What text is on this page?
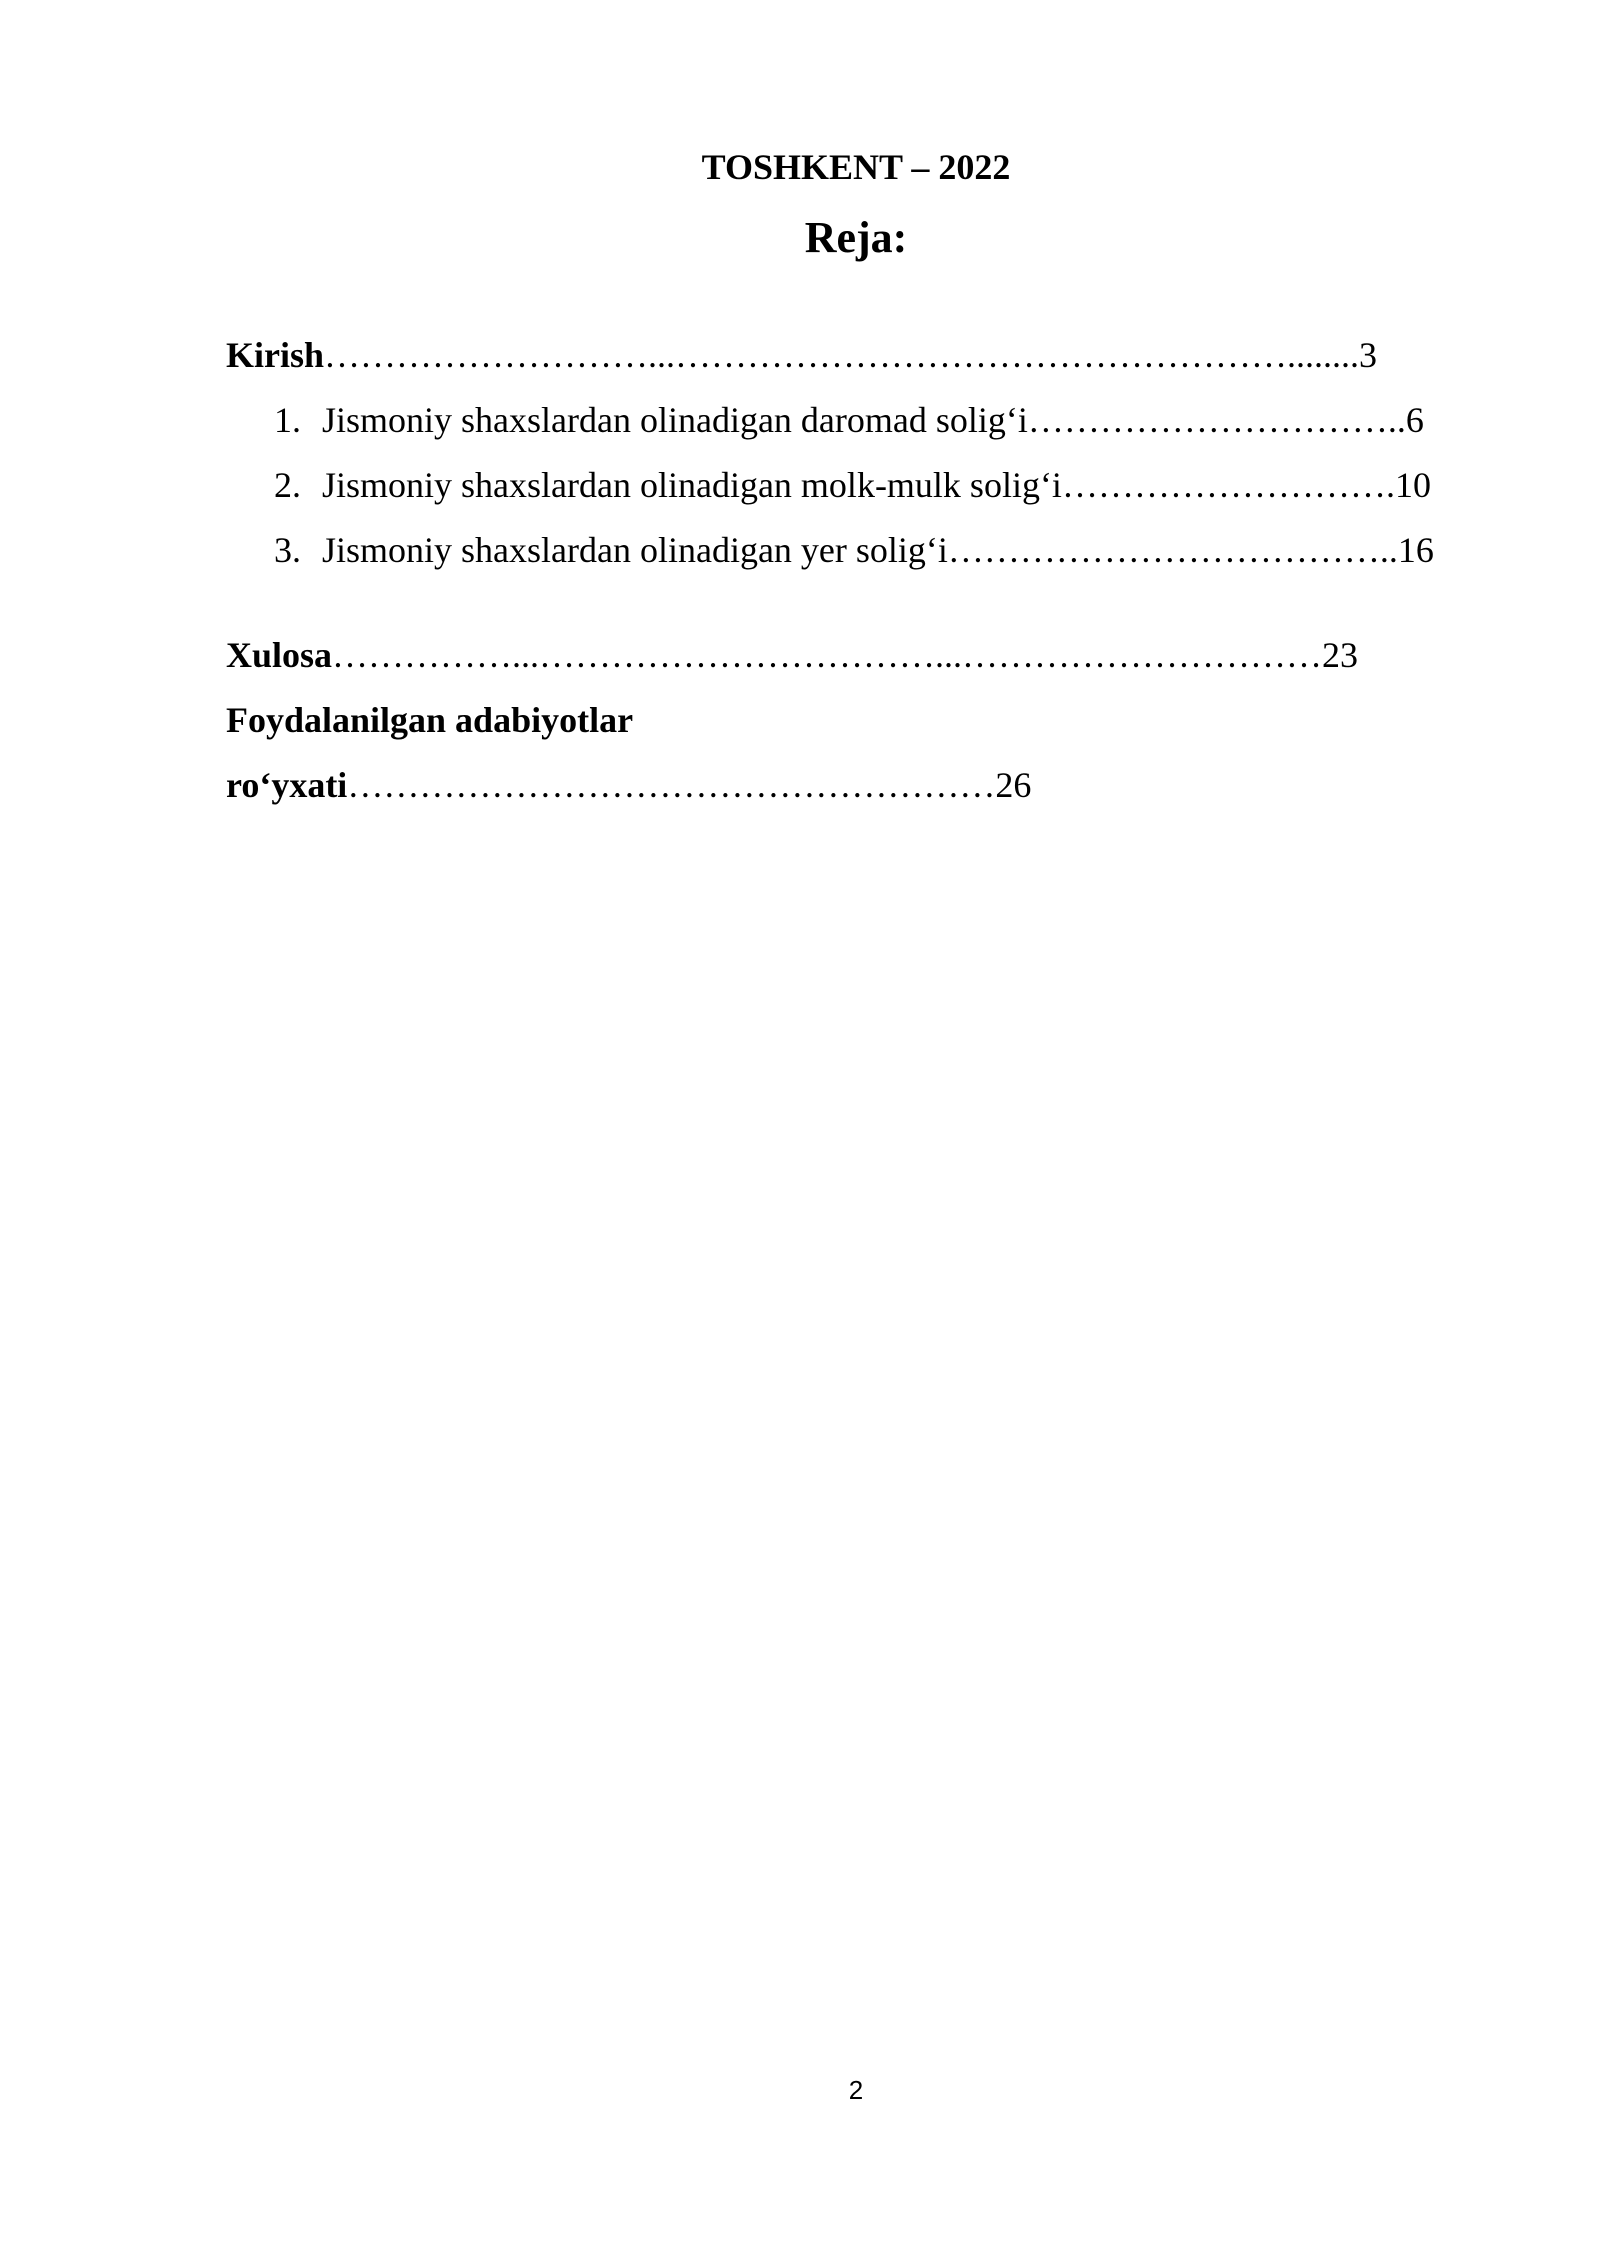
TOSHKENT – 2022
Reja:
Kirish………………………...……………………………………………........3
1. Jismoniy shaxslardan olinadigan daromad solig‘i…………………………..6
2. Jismoniy shaxslardan olinadigan molk-mulk solig‘i……………………….10
3. Jismoniy shaxslardan olinadigan yer solig‘i………………………………..16
Xulosa……………...……………………………...…………………………23
Foydalanilgan adabiyotlar
ro‘yxati………………………………………………26
2
